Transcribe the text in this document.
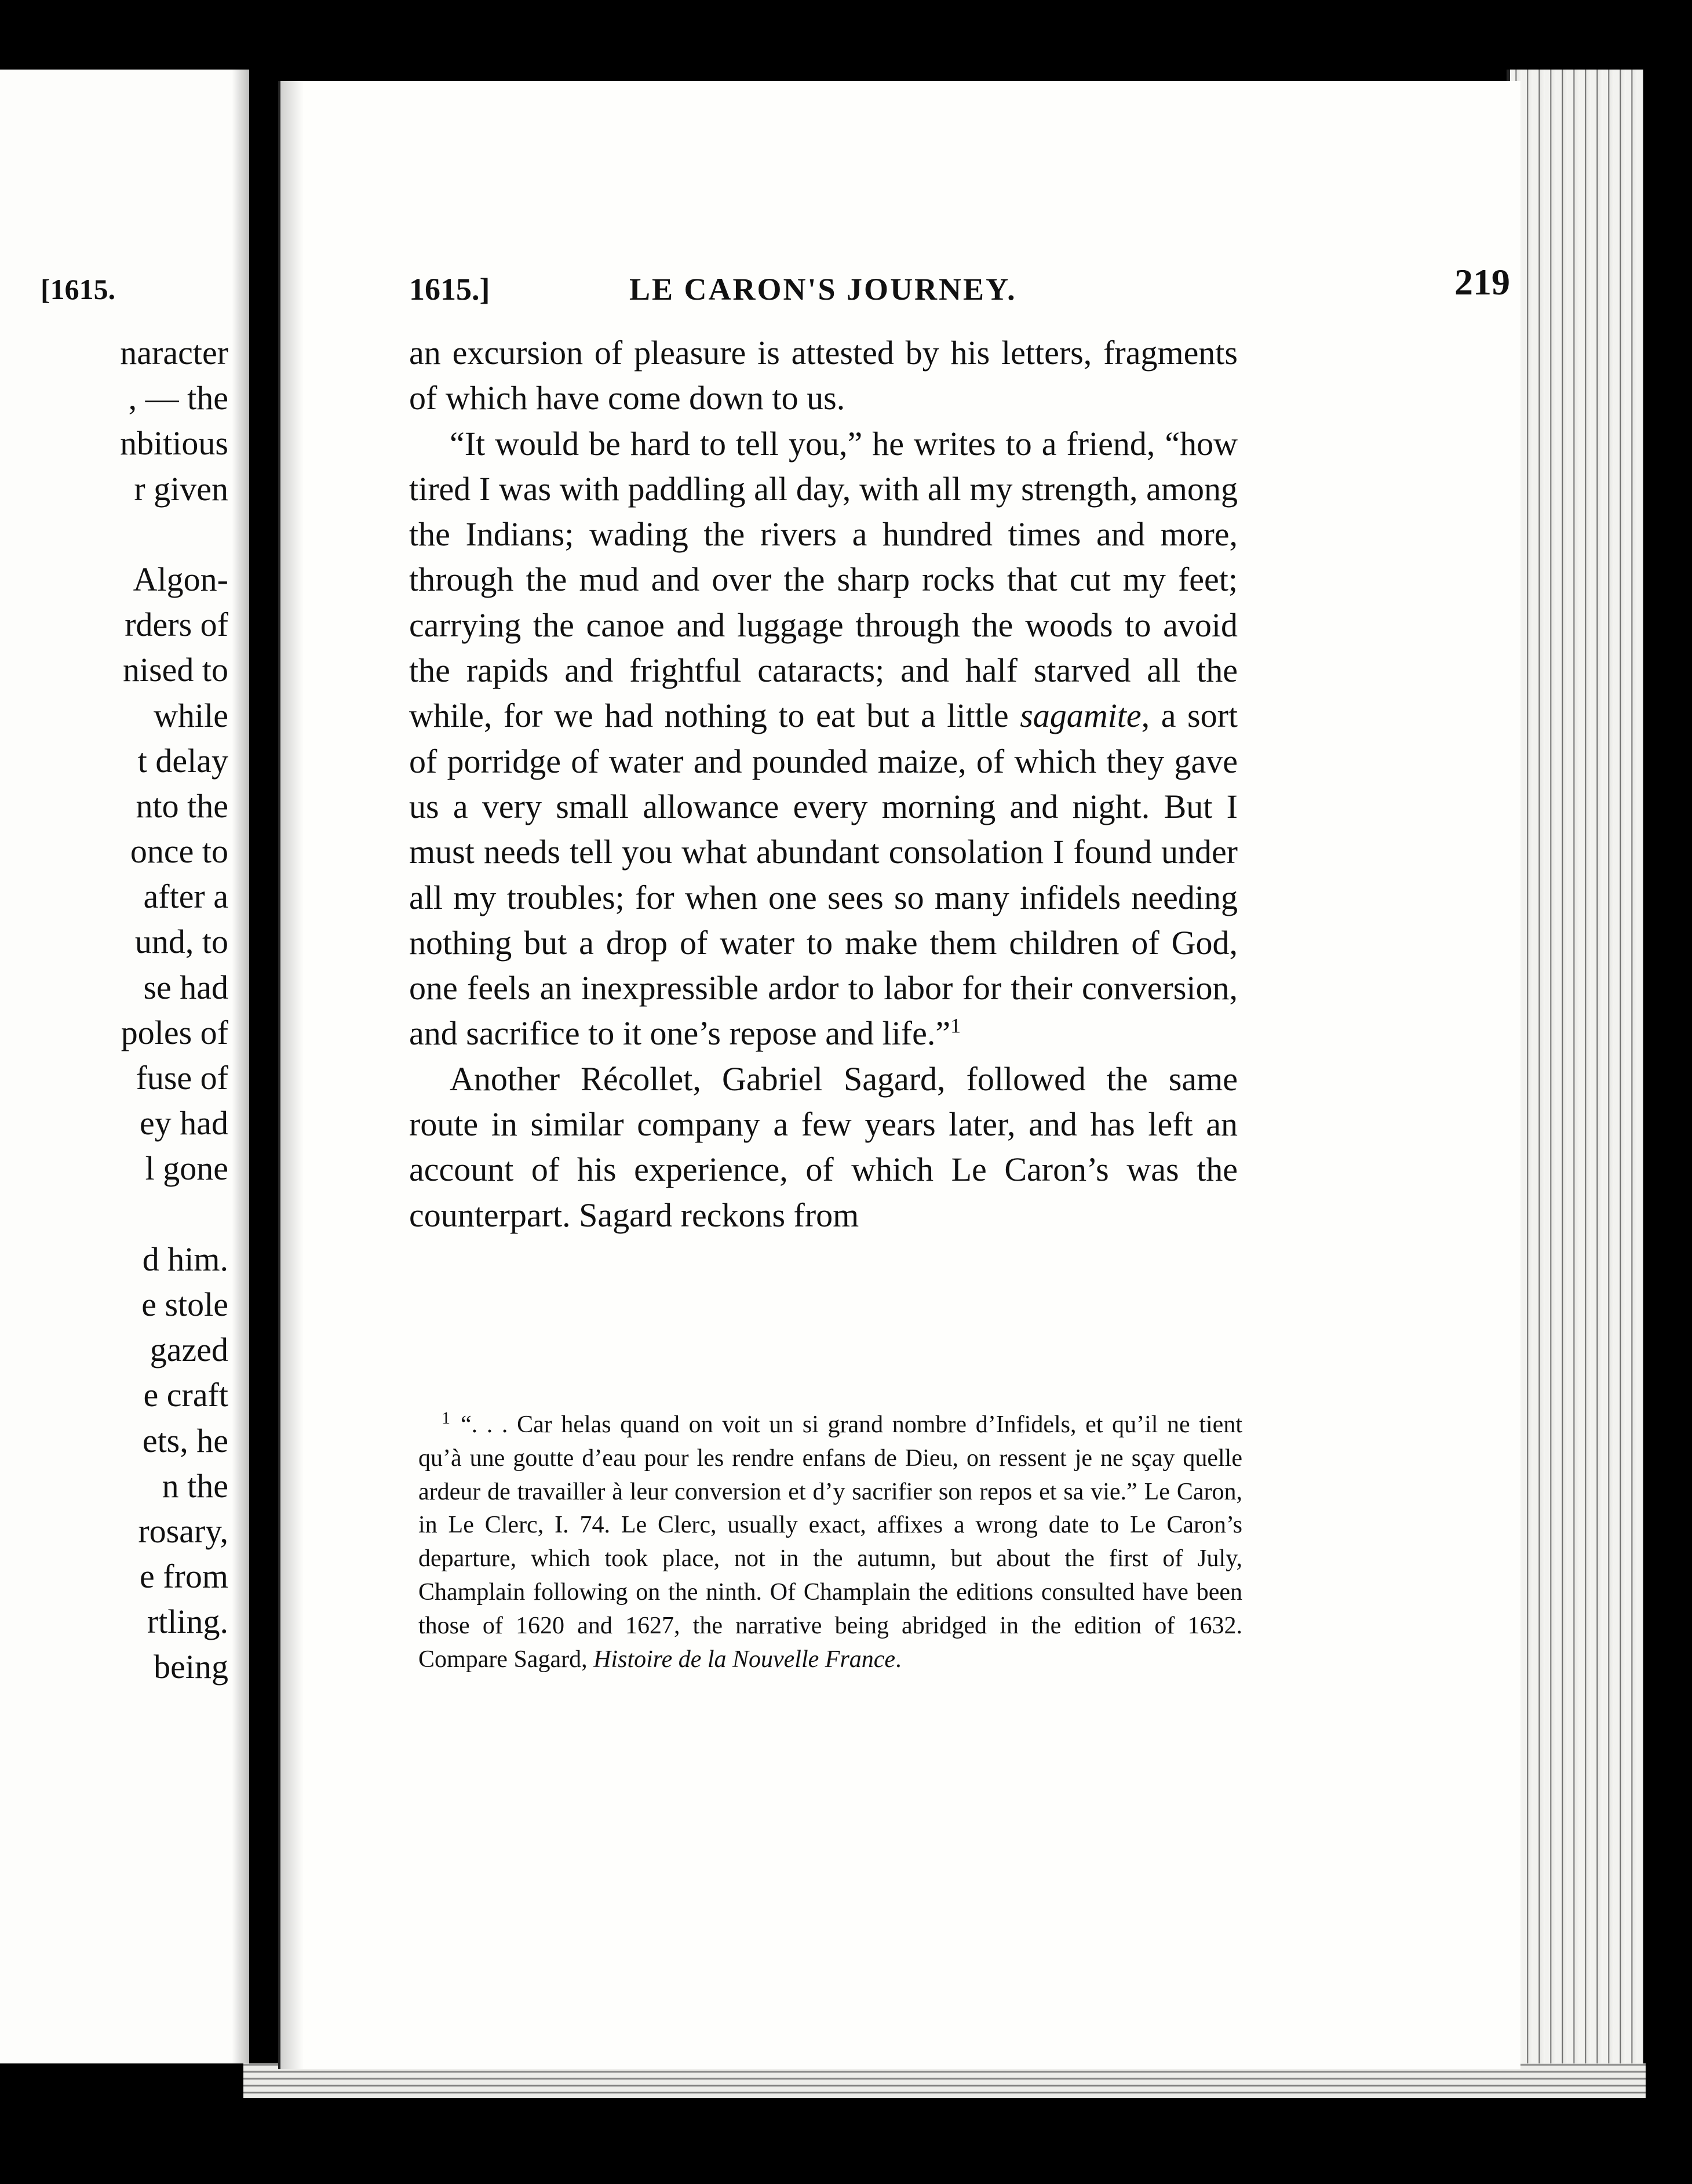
[1615.
naracter
, — the
nbitious
r given
Algon-
rders of
nised to
while
t delay
nto the
once to
after a
und, to
se had
poles of
fuse of
ey had
l gone
d him.
e stole
gazed
e craft
ets, he
n the
rosary,
e from
rtling.
being
1615.]	LE CARON'S JOURNEY.	219

an excursion of pleasure is attested by his letters, fragments of which have come down to us.

“It would be hard to tell you,” he writes to a friend, “how tired I was with paddling all day, with all my strength, among the Indians; wading the rivers a hundred times and more, through the mud and over the sharp rocks that cut my feet; carrying the canoe and luggage through the woods to avoid the rapids and frightful cataracts; and half starved all the while, for we had nothing to eat but a little sagamite, a sort of porridge of water and pounded maize, of which they gave us a very small allowance every morning and night. But I must needs tell you what abundant consolation I found under all my troubles; for when one sees so many infidels needing nothing but a drop of water to make them children of God, one feels an inexpressible ardor to labor for their conversion, and sacrifice to it one’s repose and life.”$^1$

Another Récollet, Gabriel Sagard, followed the same route in similar company a few years later, and has left an account of his experience, of which Le Caron’s was the counterpart. Sagard reckons from

$^1$ “. . . Car helas quand on voit un si grand nombre d’Infidels, et qu’il ne tient qu’à une goutte d’eau pour les rendre enfans de Dieu, on ressent je ne sçay quelle ardeur de travailler à leur conversion et d’y sacrifier son repos et sa vie.” Le Caron, in Le Clerc, I. 74. Le Clerc, usually exact, affixes a wrong date to Le Caron’s departure, which took place, not in the autumn, but about the first of July, Champlain following on the ninth. Of Champlain the editions consulted have been those of 1620 and 1627, the narrative being abridged in the edition of 1632. Compare Sagard, Histoire de la Nouvelle France.
